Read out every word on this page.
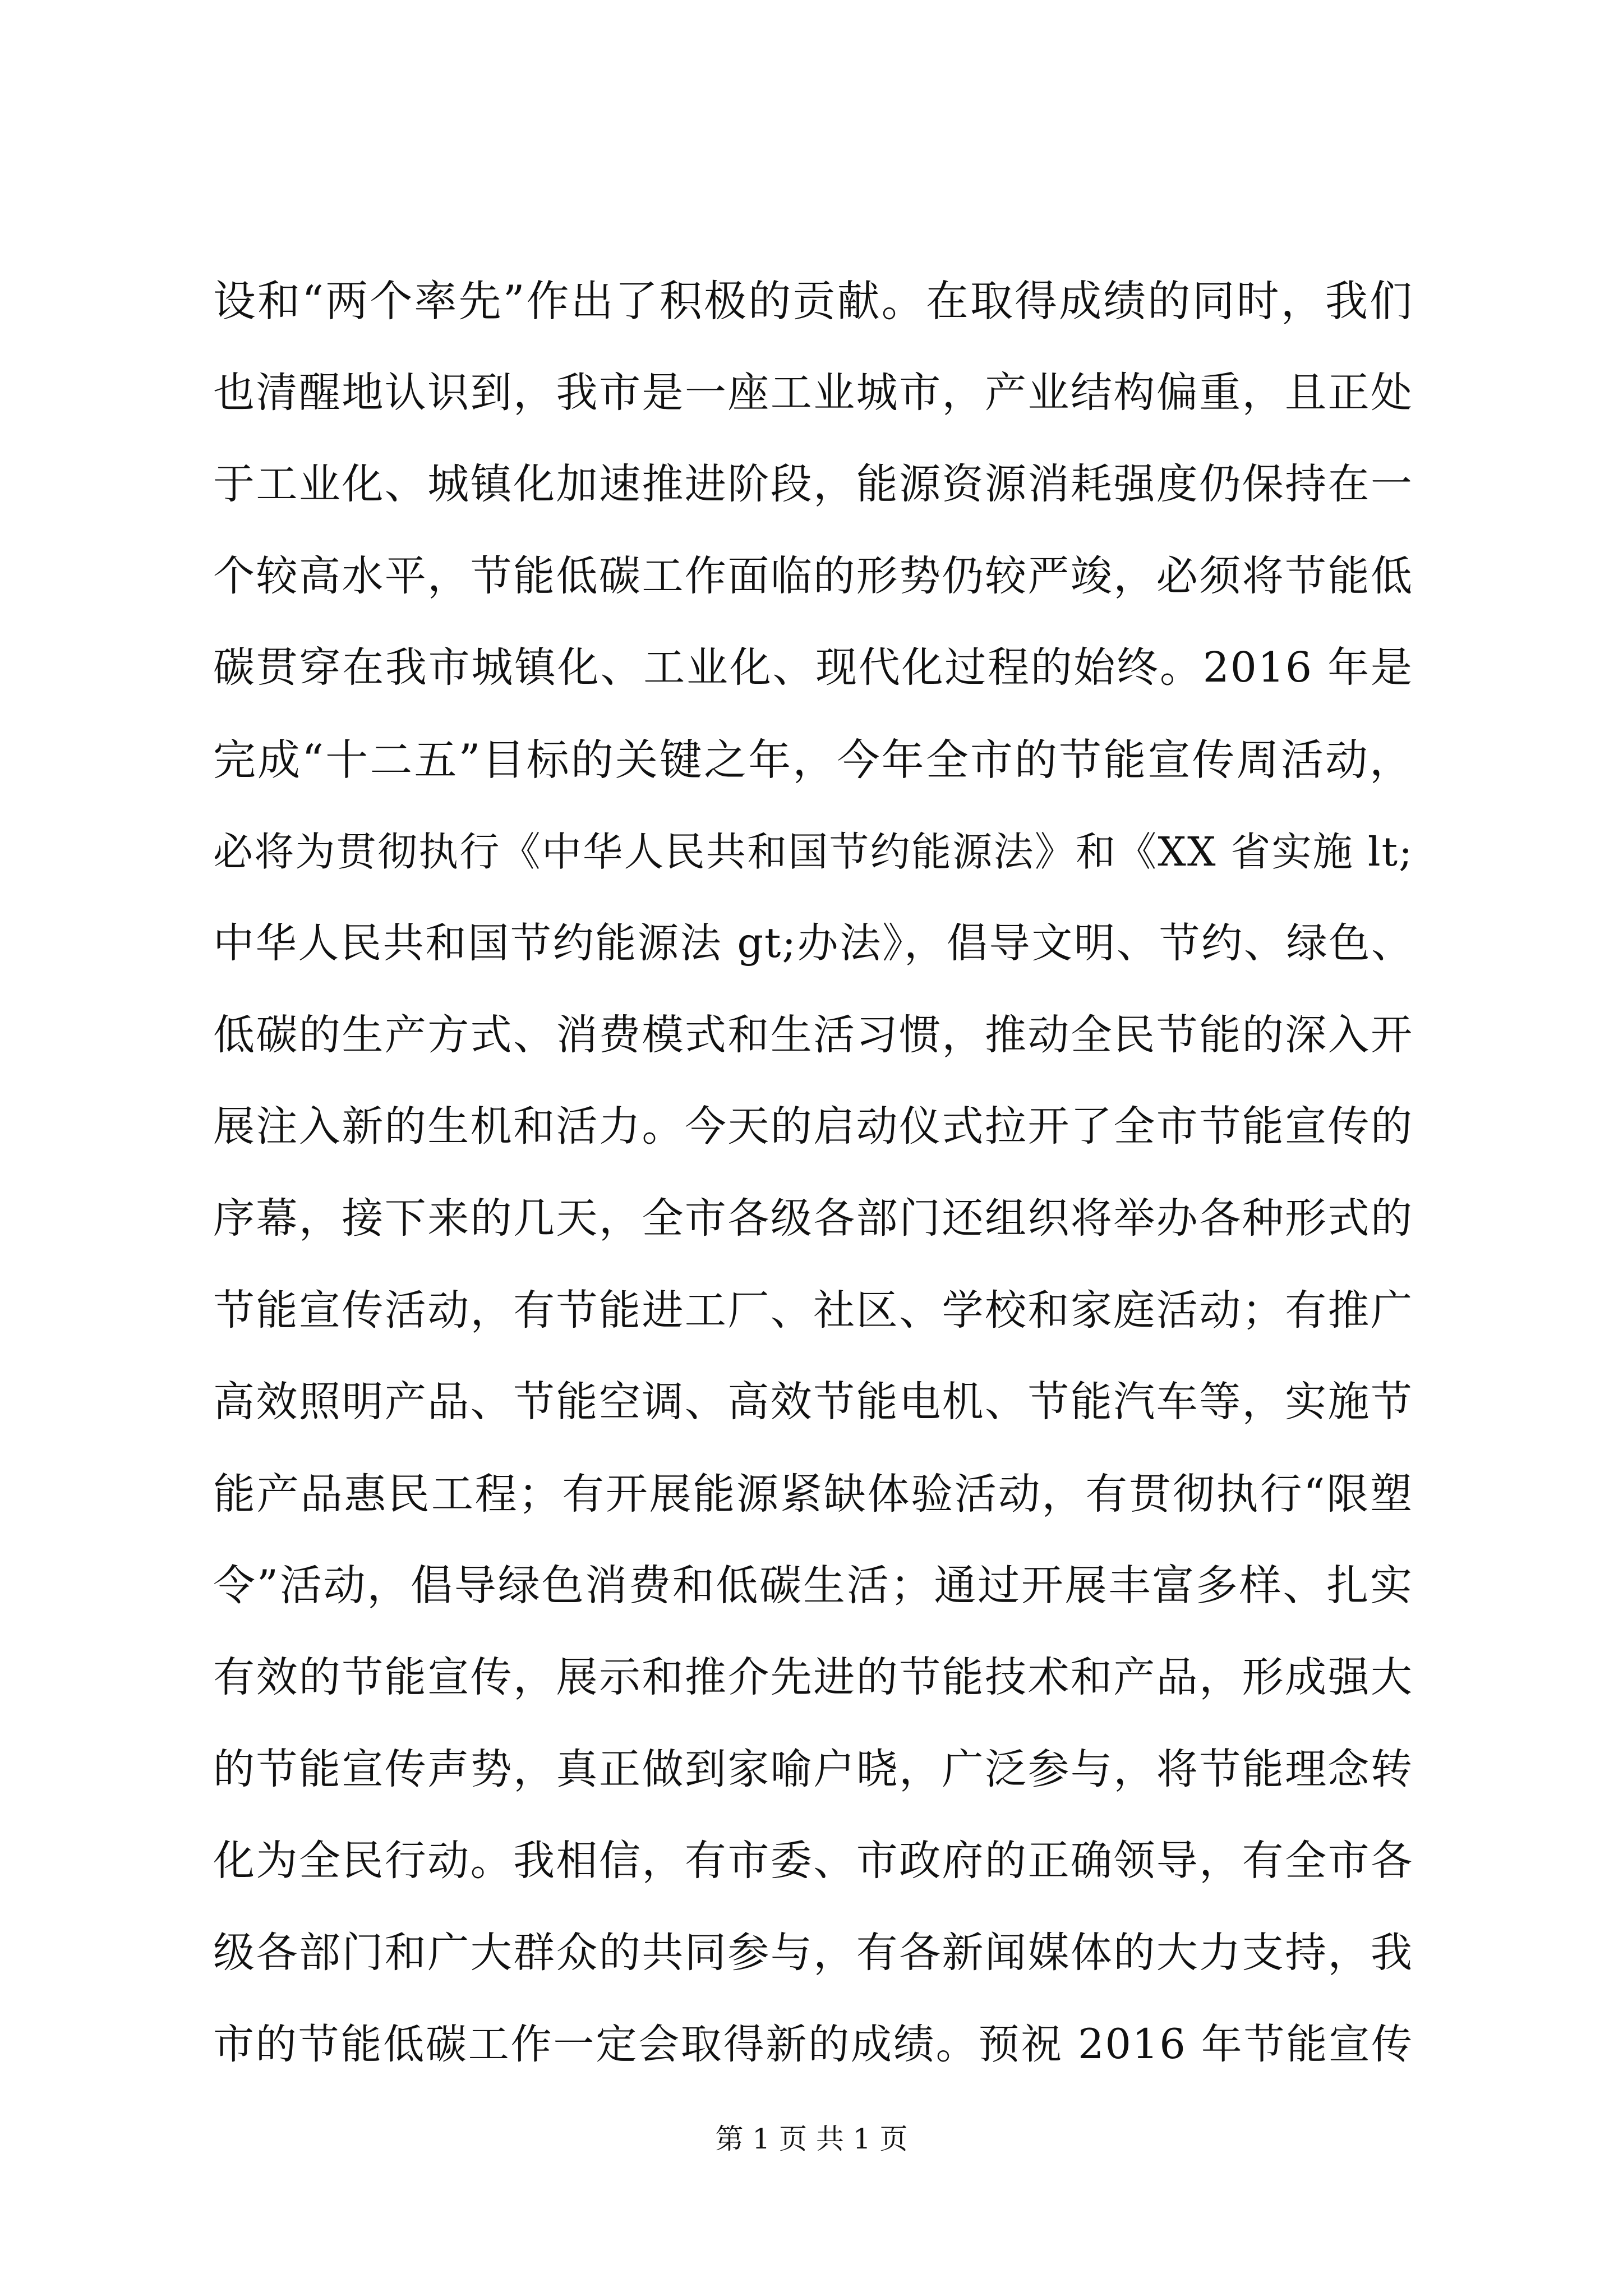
设和“两个率先”作出了积极的贡献。在取得成绩的同时，我们
也清醒地认识到，我市是一座工业城市，产业结构偏重，且正处
于工业化、城镇化加速推进阶段，能源资源消耗强度仍保持在一
个较高水平，节能低碳工作面临的形势仍较严竣，必须将节能低
碳贯穿在我市城镇化、工业化、现代化过程的始终。2016 年是
完成“十二五”目标的关键之年，今年全市的节能宣传周活动，
必将为贯彻执行《中华人民共和国节约能源法》和《XX 省实施 lt;
中华人民共和国节约能源法 gt;办法》，倡导文明、节约、绿色、
低碳的生产方式、消费模式和生活习惯，推动全民节能的深入开
展注入新的生机和活力。今天的启动仪式拉开了全市节能宣传的
序幕，接下来的几天，全市各级各部门还组织将举办各种形式的
节能宣传活动，有节能进工厂、社区、学校和家庭活动；有推广
高效照明产品、节能空调、高效节能电机、节能汽车等，实施节
能产品惠民工程；有开展能源紧缺体验活动，有贯彻执行“限塑
令”活动，倡导绿色消费和低碳生活；通过开展丰富多样、扎实
有效的节能宣传，展示和推介先进的节能技术和产品，形成强大
的节能宣传声势，真正做到家喻户晓，广泛参与，将节能理念转
化为全民行动。我相信，有市委、市政府的正确领导，有全市各
级各部门和广大群众的共同参与，有各新闻媒体的大力支持，我
市的节能低碳工作一定会取得新的成绩。预祝 2016 年节能宣传
第 1 页 共 1 页
